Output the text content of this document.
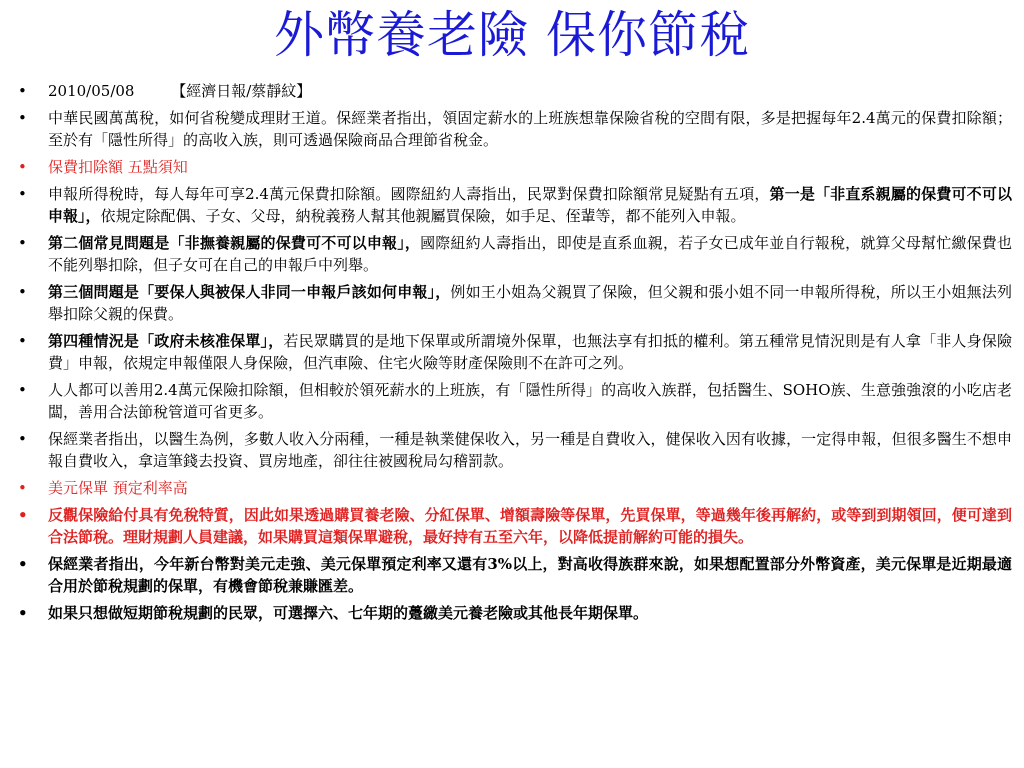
外幣養老險 保你節稅
• 2010/05/08 【經濟日報/蔡靜紋】
• 中華民國萬萬稅，如何省稅變成理財王道。保經業者指出，領固定薪水的上班族想靠保險省稅的空間有限，多是把握每年2.4萬元的保費扣除額；至於有「隱性所得」的高收入族，則可透過保險商品合理節省稅金。
• 保費扣除額 五點須知
• 申報所得稅時，每人每年可享2.4萬元保費扣除額。國際紐約人壽指出，民眾對保費扣除額常見疑點有五項，第一是「非直系親屬的保費可不可以申報」，依規定除配偶、子女、父母，納稅義務人幫其他親屬買保險，如手足、侄輩等，都不能列入申報。
• 第二個常見問題是「非撫養親屬的保費可不可以申報」，國際紐約人壽指出，即使是直系血親，若子女已成年並自行報稅，就算父母幫忙繳保費也不能列舉扣除，但子女可在自己的申報戶中列舉。
• 第三個問題是「要保人與被保人非同一申報戶該如何申報」，例如王小姐為父親買了保險，但父親和張小姐不同一申報所得稅，所以王小姐無法列舉扣除父親的保費。
• 第四種情況是「政府未核准保單」，若民眾購買的是地下保單或所謂境外保單，也無法享有扣抵的權利。第五種常見情況則是有人拿「非人身保險費」申報，依規定申報僅限人身保險，但汽車險、住宅火險等財產保險則不在許可之列。
• 人人都可以善用2.4萬元保險扣除額，但相較於領死薪水的上班族，有「隱性所得」的高收入族群，包括醫生、SOHO族、生意強強滾的小吃店老闆，善用合法節稅管道可省更多。
• 保經業者指出，以醫生為例，多數人收入分兩種，一種是執業健保收入，另一種是自費收入，健保收入因有收據，一定得申報，但很多醫生不想申報自費收入，拿這筆錢去投資、買房地產，卻往往被國稅局勾稽罰款。
• 美元保單 預定利率高
• 反觀保險給付具有免稅特質，因此如果透過購買養老險、分紅保單、增額壽險等保單，先買保單，等過幾年後再解約，或等到到期領回，便可達到合法節稅。理財規劃人員建議，如果購買這類保單避稅，最好持有五至六年，以降低提前解約可能的損失。
• 保經業者指出，今年新台幣對美元走強、美元保單預定利率又還有3%以上，對高收得族群來說，如果想配置部分外幣資產，美元保單是近期最適合用於節稅規劃的保單，有機會節稅兼賺匯差。
• 如果只想做短期節稅規劃的民眾，可選擇六、七年期的躉繳美元養老險或其他長年期保單。
